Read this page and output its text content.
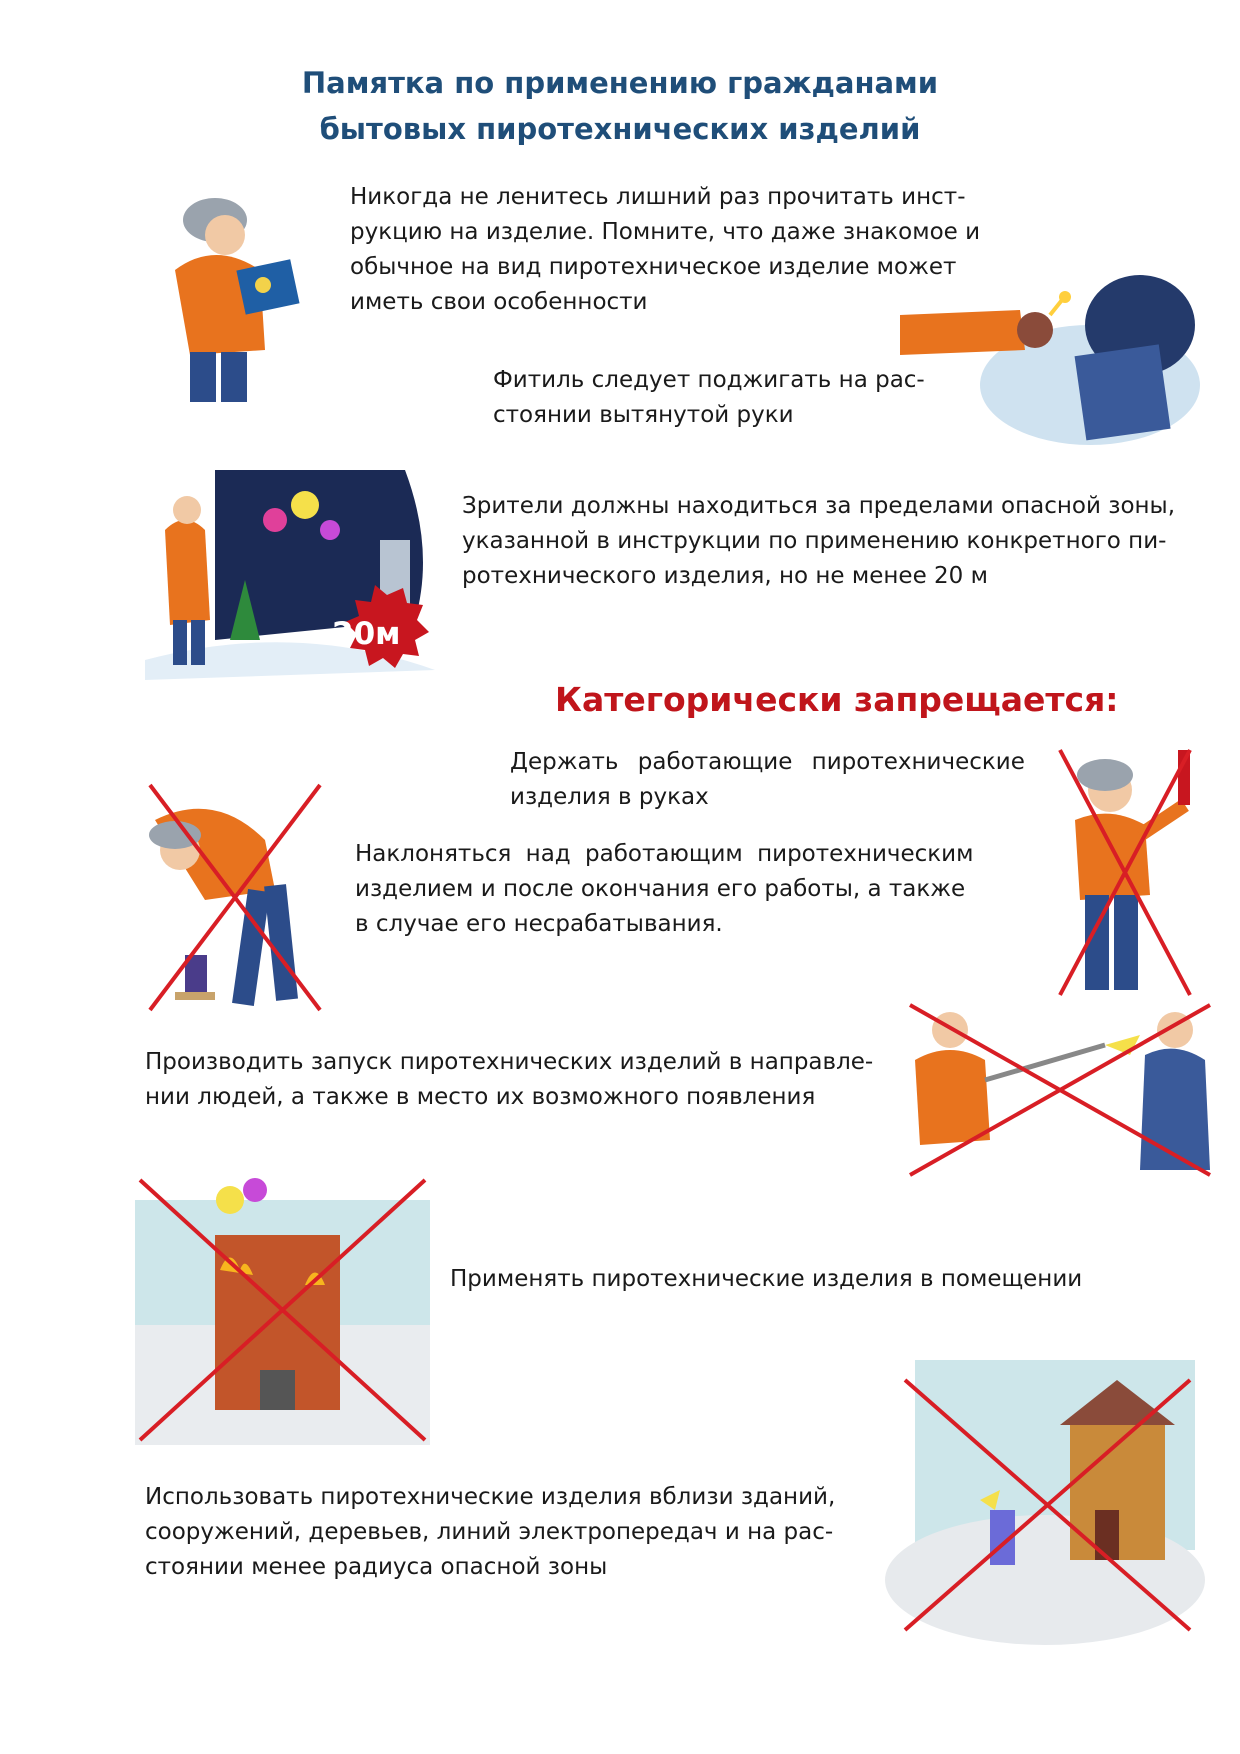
Памятка по применению гражданами
бытовых пиротехнических изделий
Никогда не ленитесь лишний раз прочитать инст-
рукцию на изделие. Помните, что даже знакомое и
обычное на вид пиротехническое изделие может
иметь свои особенности
Фитиль следует поджигать на рас-
стоянии вытянутой руки
20м
Зрители должны находиться за пределами опасной зоны,
указанной в инструкции по применению конкретного пи-
ротехнического изделия, но не менее 20 м
Категорически запрещается:
Держать работающие пиротехнические
изделия в руках
Наклоняться над работающим пиротехническим
изделием и после окончания его работы, а также
в случае его несрабатывания.
Производить запуск пиротехнических изделий в направле-
нии людей, а также в место их возможного появления
Применять пиротехнические изделия в помещении
Использовать пиротехнические изделия вблизи зданий,
сооружений, деревьев, линий электропередач и на рас-
стоянии менее радиуса опасной зоны
